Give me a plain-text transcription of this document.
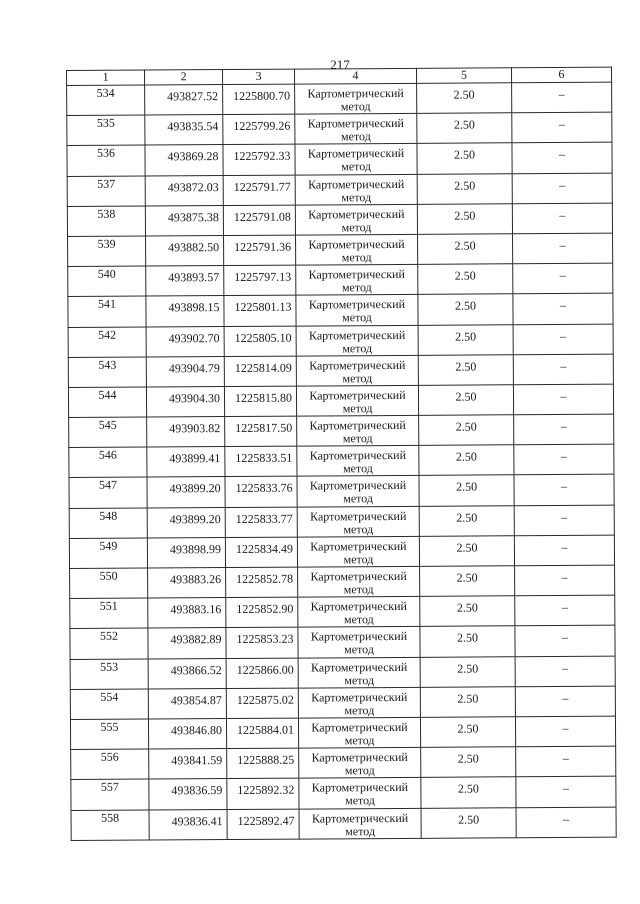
217
1	2	3	4	5	6
534	493827.52	1225800.70	Картометрический метод	2.50	–
535	493835.54	1225799.26	Картометрический метод	2.50	–
536	493869.28	1225792.33	Картометрический метод	2.50	–
537	493872.03	1225791.77	Картометрический метод	2.50	–
538	493875.38	1225791.08	Картометрический метод	2.50	–
539	493882.50	1225791.36	Картометрический метод	2.50	–
540	493893.57	1225797.13	Картометрический метод	2.50	–
541	493898.15	1225801.13	Картометрический метод	2.50	–
542	493902.70	1225805.10	Картометрический метод	2.50	–
543	493904.79	1225814.09	Картометрический метод	2.50	–
544	493904.30	1225815.80	Картометрический метод	2.50	–
545	493903.82	1225817.50	Картометрический метод	2.50	–
546	493899.41	1225833.51	Картометрический метод	2.50	–
547	493899.20	1225833.76	Картометрический метод	2.50	–
548	493899.20	1225833.77	Картометрический метод	2.50	–
549	493898.99	1225834.49	Картометрический метод	2.50	–
550	493883.26	1225852.78	Картометрический метод	2.50	–
551	493883.16	1225852.90	Картометрический метод	2.50	–
552	493882.89	1225853.23	Картометрический метод	2.50	–
553	493866.52	1225866.00	Картометрический метод	2.50	–
554	493854.87	1225875.02	Картометрический метод	2.50	–
555	493846.80	1225884.01	Картометрический метод	2.50	–
556	493841.59	1225888.25	Картометрический метод	2.50	–
557	493836.59	1225892.32	Картометрический метод	2.50	–
558	493836.41	1225892.47	Картометрический метод	2.50	–
